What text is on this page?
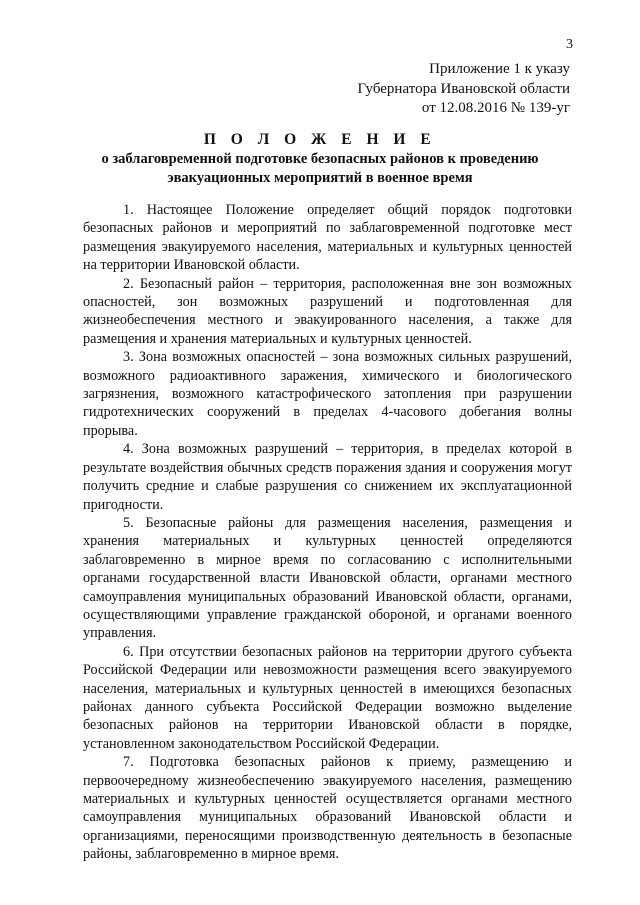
3
Приложение 1 к указу
Губернатора Ивановской области
от 12.08.2016 № 139-уг
П О Л О Ж Е Н И Е
о заблаговременной подготовке безопасных районов к проведению эвакуационных мероприятий в военное время

1. Настоящее Положение определяет общий порядок подготовки безопасных районов и мероприятий по заблаговременной подготовке мест размещения эвакуируемого населения, материальных и культурных ценностей на территории Ивановской области.

2. Безопасный район – территория, расположенная вне зон возможных опасностей, зон возможных разрушений и подготовленная для жизнеобеспечения местного и эвакуированного населения, а также для размещения и хранения материальных и культурных ценностей.

3. Зона возможных опасностей – зона возможных сильных разрушений, возможного радиоактивного заражения, химического и биологического загрязнения, возможного катастрофического затопления при разрушении гидротехнических сооружений в пределах 4-часового добегания волны прорыва.

4. Зона возможных разрушений – территория, в пределах которой в результате воздействия обычных средств поражения здания и сооружения могут получить средние и слабые разрушения со снижением их эксплуатационной пригодности.

5. Безопасные районы для размещения населения, размещения и хранения материальных и культурных ценностей определяются заблаговременно в мирное время по согласованию с исполнительными органами государственной власти Ивановской области, органами местного самоуправления муниципальных образований Ивановской области, органами, осуществляющими управление гражданской обороной, и органами военного управления.

6. При отсутствии безопасных районов на территории другого субъекта Российской Федерации или невозможности размещения всего эвакуируемого населения, материальных и культурных ценностей в имеющихся безопасных районах данного субъекта Российской Федерации возможно выделение безопасных районов на территории Ивановской области в порядке, установленном законодательством Российской Федерации.

7. Подготовка безопасных районов к приему, размещению и первоочередному жизнеобеспечению эвакуируемого населения, размещению материальных и культурных ценностей осуществляется органами местного самоуправления муниципальных образований Ивановской области и организациями, переносящими производственную деятельность в безопасные районы, заблаговременно в мирное время.
